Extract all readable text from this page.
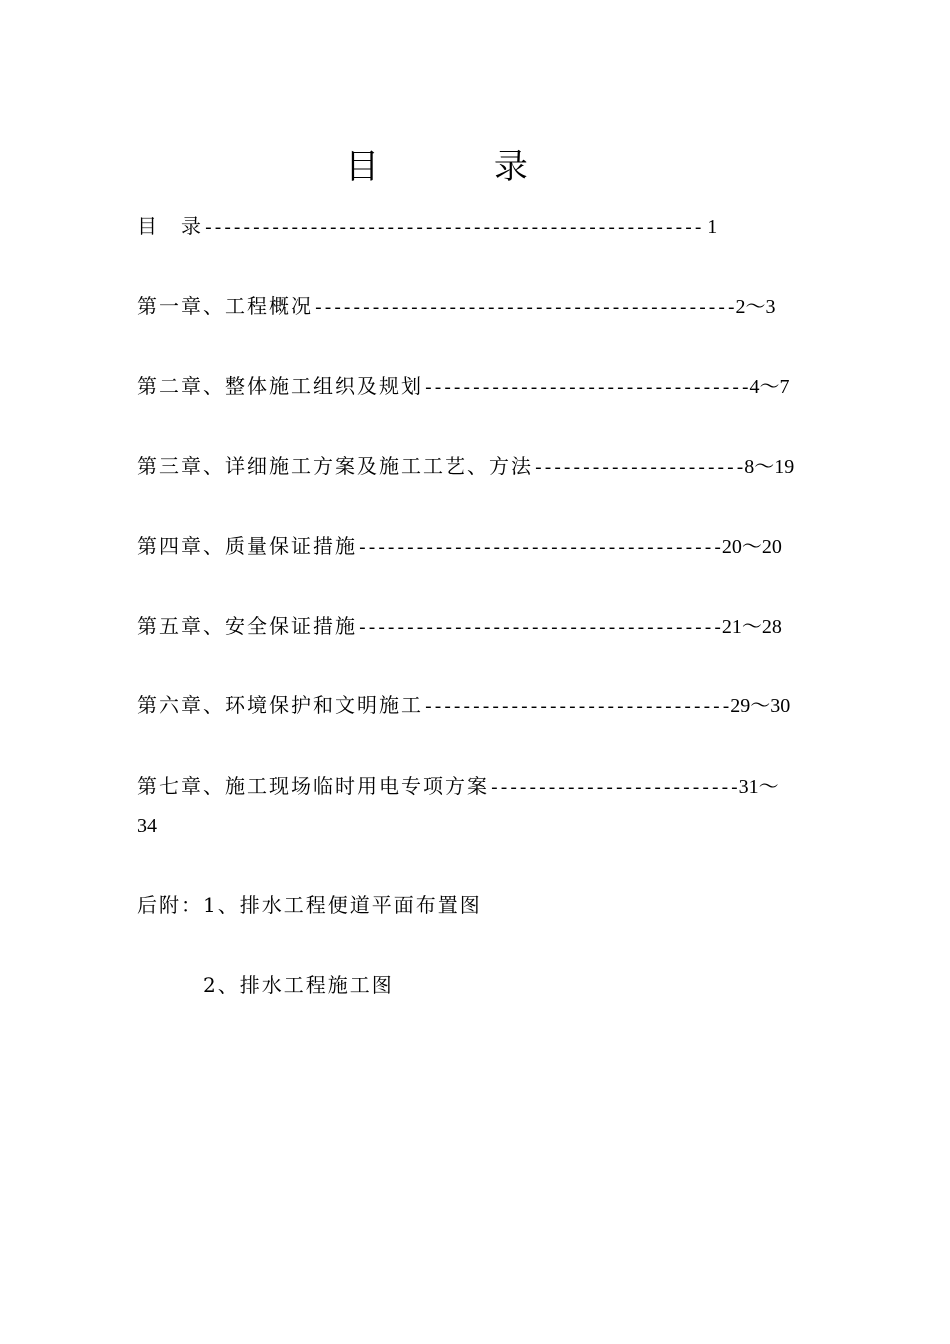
目 录
目　录---------------------------------------------------- 1
第一章、工程概况--------------------------------------------2～3
第二章、整体施工组织及规划----------------------------------4～7
第三章、详细施工方案及施工工艺、方法----------------------8～19
第四章、质量保证措施--------------------------------------20～20
第五章、安全保证措施--------------------------------------21～28
第六章、环境保护和文明施工--------------------------------29～30
第七章、施工现场临时用电专项方案--------------------------31～
34
后附：1、排水工程便道平面布置图
2、排水工程施工图
